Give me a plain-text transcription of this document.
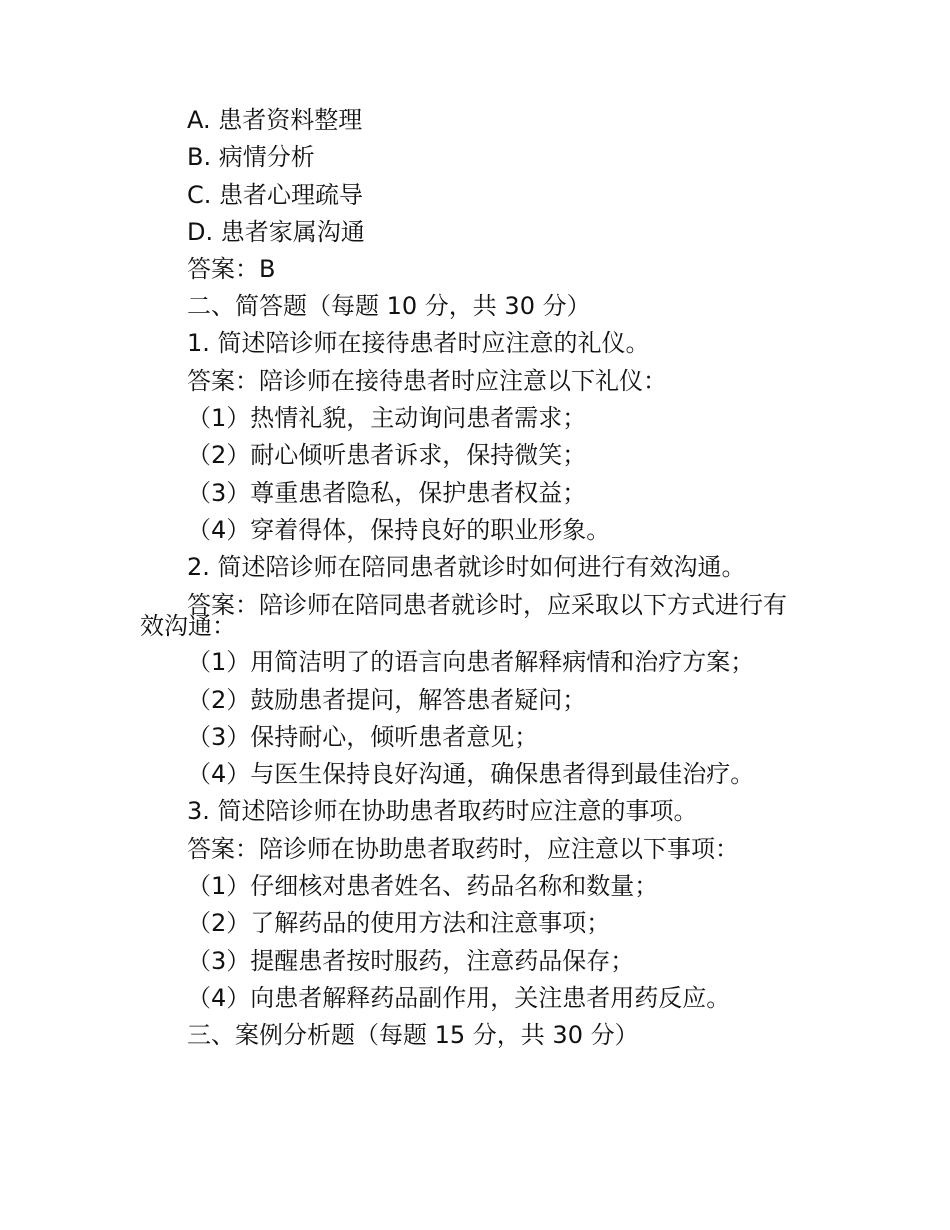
A. 患者资料整理
B. 病情分析
C. 患者心理疏导
D. 患者家属沟通
答案：B
二、简答题（每题 10 分，共 30 分）
1. 简述陪诊师在接待患者时应注意的礼仪。
答案：陪诊师在接待患者时应注意以下礼仪：
（1）热情礼貌，主动询问患者需求；
（2）耐心倾听患者诉求，保持微笑；
（3）尊重患者隐私，保护患者权益；
（4）穿着得体，保持良好的职业形象。
2. 简述陪诊师在陪同患者就诊时如何进行有效沟通。
答案：陪诊师在陪同患者就诊时，应采取以下方式进行有
效沟通：
（1）用简洁明了的语言向患者解释病情和治疗方案；
（2）鼓励患者提问，解答患者疑问；
（3）保持耐心，倾听患者意见；
（4）与医生保持良好沟通，确保患者得到最佳治疗。
3. 简述陪诊师在协助患者取药时应注意的事项。
答案：陪诊师在协助患者取药时，应注意以下事项：
（1）仔细核对患者姓名、药品名称和数量；
（2）了解药品的使用方法和注意事项；
（3）提醒患者按时服药，注意药品保存；
（4）向患者解释药品副作用，关注患者用药反应。
三、案例分析题（每题 15 分，共 30 分）
